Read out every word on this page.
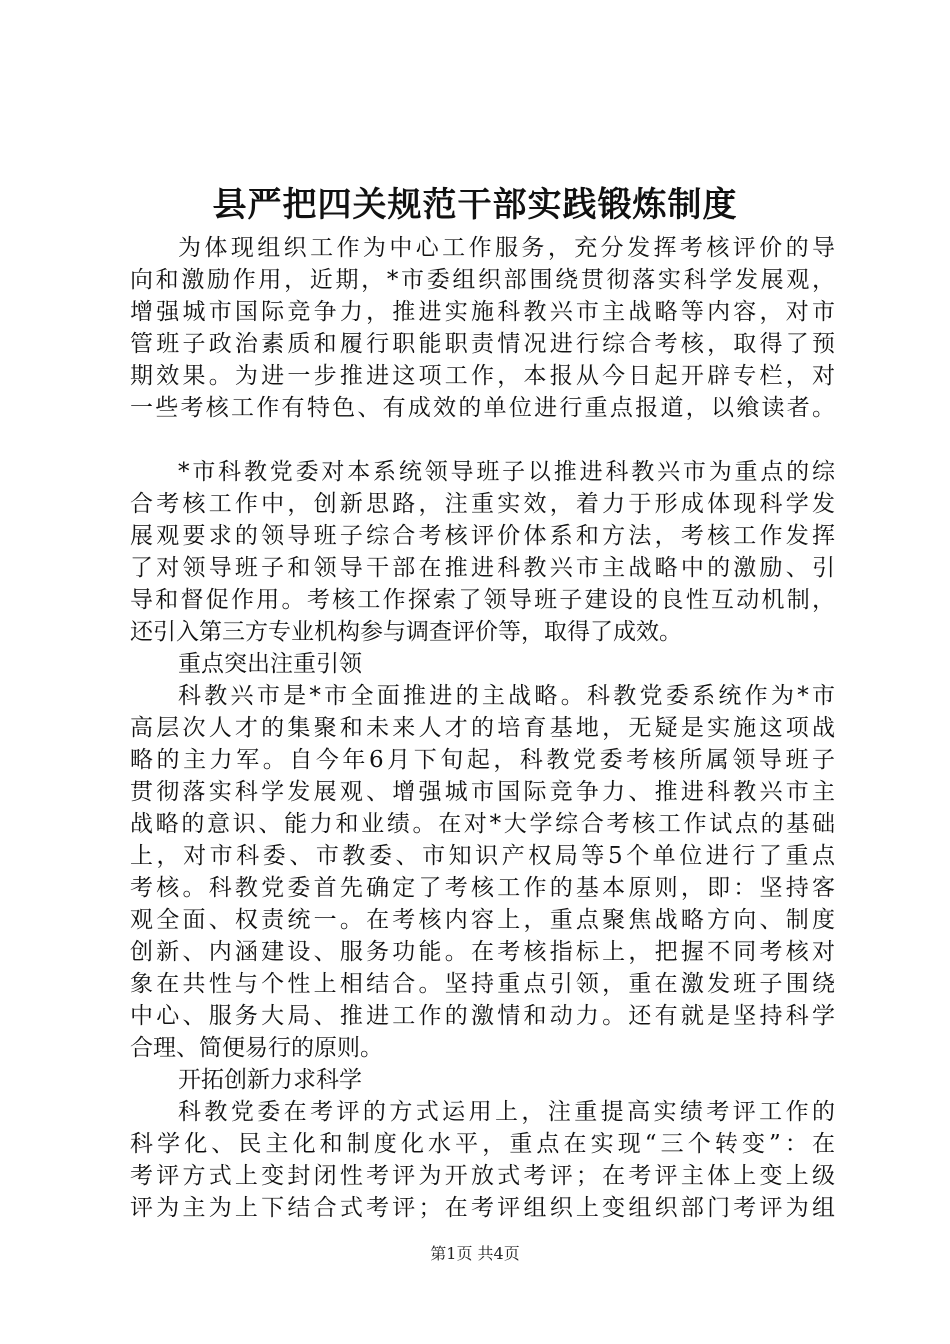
县严把四关规范干部实践锻炼制度
为体现组织工作为中心工作服务，充分发挥考核评价的导
向和激励作用，近期，*市委组织部围绕贯彻落实科学发展观，
增强城市国际竞争力，推进实施科教兴市主战略等内容，对市
管班子政治素质和履行职能职责情况进行综合考核，取得了预
期效果。为进一步推进这项工作，本报从今日起开辟专栏，对
一些考核工作有特色、有成效的单位进行重点报道，以飨读者。
*市科教党委对本系统领导班子以推进科教兴市为重点的综
合考核工作中，创新思路，注重实效，着力于形成体现科学发
展观要求的领导班子综合考核评价体系和方法，考核工作发挥
了对领导班子和领导干部在推进科教兴市主战略中的激励、引
导和督促作用。考核工作探索了领导班子建设的良性互动机制，
还引入第三方专业机构参与调查评价等，取得了成效。
重点突出注重引领
科教兴市是*市全面推进的主战略。科教党委系统作为*市
高层次人才的集聚和未来人才的培育基地，无疑是实施这项战
略的主力军。自今年6月下旬起，科教党委考核所属领导班子
贯彻落实科学发展观、增强城市国际竞争力、推进科教兴市主
战略的意识、能力和业绩。在对*大学综合考核工作试点的基础
上，对市科委、市教委、市知识产权局等5个单位进行了重点
考核。科教党委首先确定了考核工作的基本原则，即：坚持客
观全面、权责统一。在考核内容上，重点聚焦战略方向、制度
创新、内涵建设、服务功能。在考核指标上，把握不同考核对
象在共性与个性上相结合。坚持重点引领，重在激发班子围绕
中心、服务大局、推进工作的激情和动力。还有就是坚持科学
合理、简便易行的原则。
开拓创新力求科学
科教党委在考评的方式运用上，注重提高实绩考评工作的
科学化、民主化和制度化水平，重点在实现“三个转变”：在
考评方式上变封闭性考评为开放式考评；在考评主体上变上级
评为主为上下结合式考评；在考评组织上变组织部门考评为组
第1页 共4页
